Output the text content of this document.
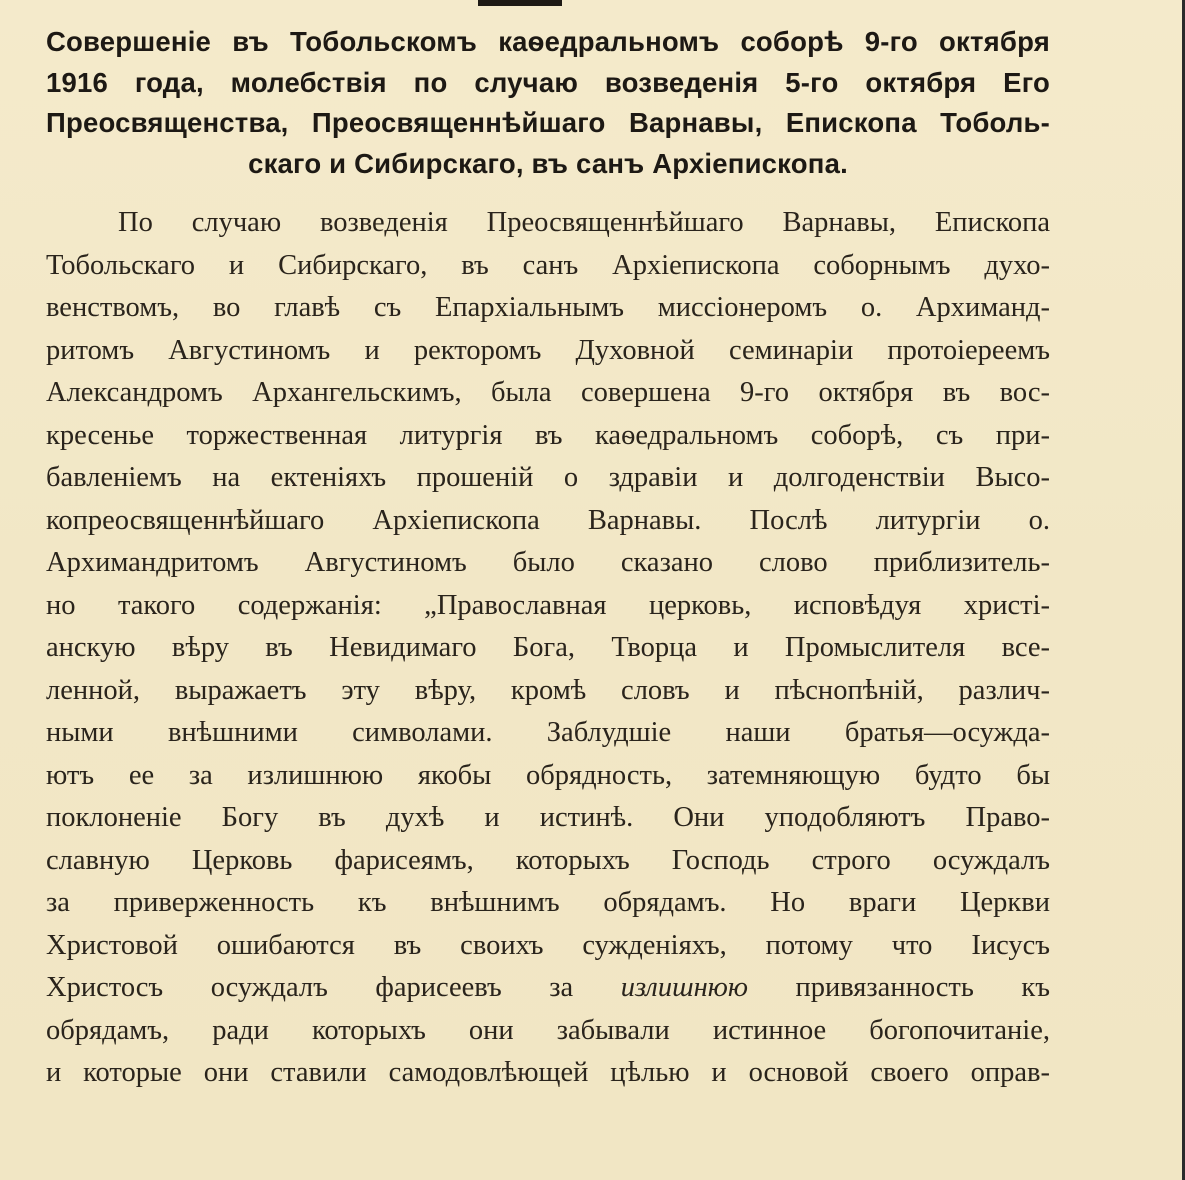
Совершеніе въ Тобольскомъ каѳедральномъ соборѣ 9-го октября
1916 года, молебствія по случаю возведенія 5-го октября Его
Преосвященства, Преосвященнѣйшаго Варнавы, Епископа Тоболь-
скаго и Сибирскаго, въ санъ Архіепископа.
По случаю возведенія Преосвященнѣйшаго Варнавы, Епископа
Тобольскаго и Сибирскаго, въ санъ Архіепископа соборнымъ духо-
венствомъ, во главѣ съ Епархіальнымъ миссіонеромъ о. Архиманд-
ритомъ Августиномъ и ректоромъ Духовной семинаріи протоіереемъ
Александромъ Архангельскимъ, была совершена 9-го октября въ вос-
кресенье торжественная литургія въ каѳедральномъ соборѣ, съ при-
бавленіемъ на ектеніяхъ прошеній о здравіи и долгоденствіи Высо-
копреосвященнѣйшаго Архіепископа Варнавы. Послѣ литургіи о.
Архимандритомъ Августиномъ было сказано слово приблизитель-
но такого содержанія: „Православная церковь, исповѣдуя христі-
анскую вѣру въ Невидимаго Бога, Творца и Промыслителя все-
ленной, выражаетъ эту вѣру, кромѣ словъ и пѣснопѣній, различ-
ными внѣшними символами. Заблудшіе наши братья—осужда-
ютъ ее за излишнюю якобы обрядность, затемняющую будто бы
поклоненіе Богу въ духѣ и истинѣ. Они уподобляютъ Право-
славную Церковь фарисеямъ, которыхъ Господь строго осуждалъ
за приверженность къ внѣшнимъ обрядамъ. Но враги Церкви
Христовой ошибаются въ своихъ сужденіяхъ, потому что Іисусъ
Христосъ осуждалъ фарисеевъ за излишнюю привязанность къ
обрядамъ, ради которыхъ они забывали истинное богопочитаніе,
и которые они ставили самодовлѣющей цѣлью и основой своего оправ-
